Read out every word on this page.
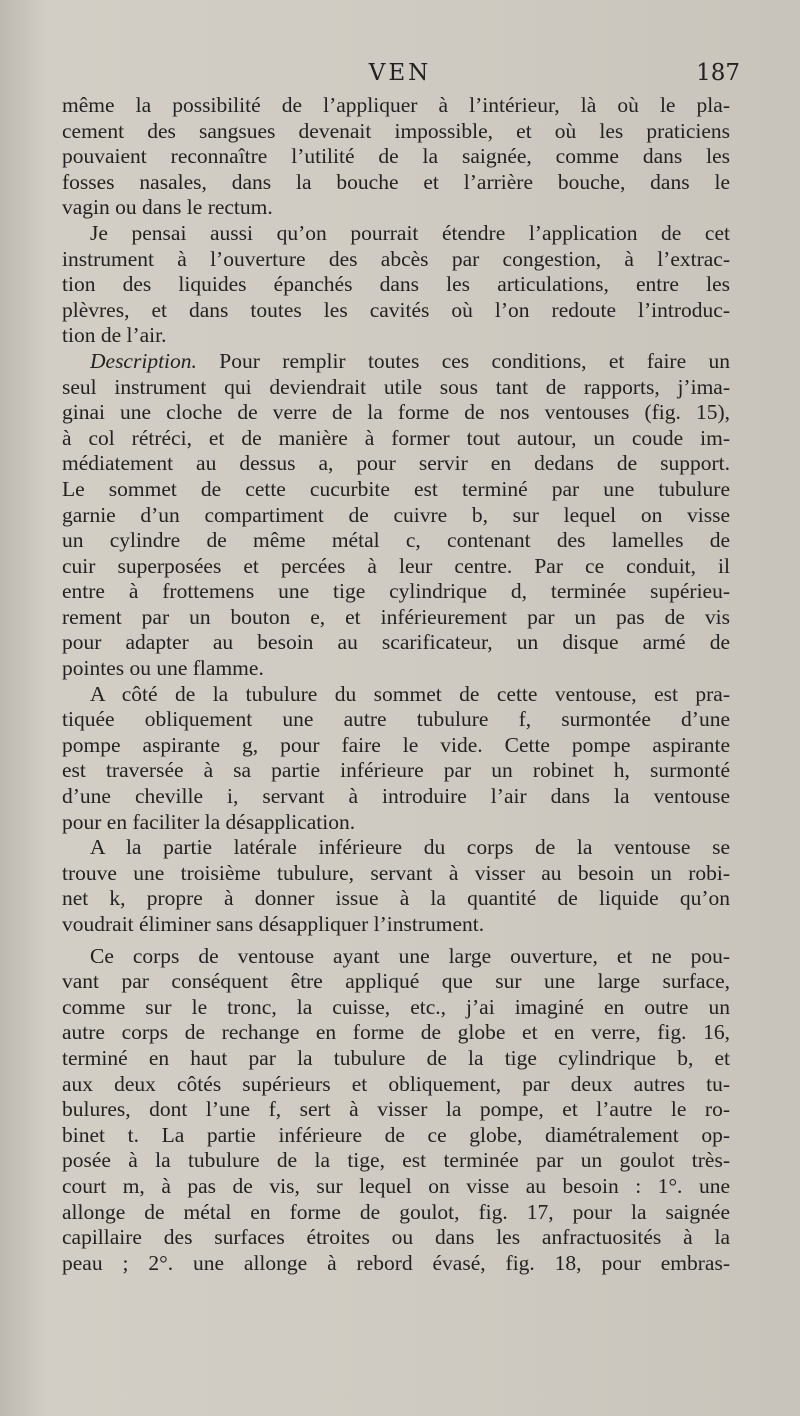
VEN	187
même la possibilité de l’appliquer à l’intérieur, là où le pla-
cement des sangsues devenait impossible, et où les praticiens
pouvaient reconnaître l’utilité de la saignée, comme dans les
fosses nasales, dans la bouche et l’arrière bouche, dans le
vagin ou dans le rectum.
Je pensai aussi qu’on pourrait étendre l’application de cet
instrument à l’ouverture des abcès par congestion, à l’extrac-
tion des liquides épanchés dans les articulations, entre les
plèvres, et dans toutes les cavités où l’on redoute l’introduc-
tion de l’air.
Description. Pour remplir toutes ces conditions, et faire un
seul instrument qui deviendrait utile sous tant de rapports, j’ima-
ginai une cloche de verre de la forme de nos ventouses (fig. 15),
à col rétréci, et de manière à former tout autour, un coude im-
médiatement au dessus a, pour servir en dedans de support.
Le sommet de cette cucurbite est terminé par une tubulure
garnie d’un compartiment de cuivre b, sur lequel on visse
un cylindre de même métal c, contenant des lamelles de
cuir superposées et percées à leur centre. Par ce conduit, il
entre à frottemens une tige cylindrique d, terminée supérieu-
rement par un bouton e, et inférieurement par un pas de vis
pour adapter au besoin au scarificateur, un disque armé de
pointes ou une flamme.
A côté de la tubulure du sommet de cette ventouse, est pra-
tiquée obliquement une autre tubulure f, surmontée d’une
pompe aspirante g, pour faire le vide. Cette pompe aspirante
est traversée à sa partie inférieure par un robinet h, surmonté
d’une cheville i, servant à introduire l’air dans la ventouse
pour en faciliter la désapplication.
A la partie latérale inférieure du corps de la ventouse se
trouve une troisième tubulure, servant à visser au besoin un robi-
net k, propre à donner issue à la quantité de liquide qu’on
voudrait éliminer sans désappliquer l’instrument.
Ce corps de ventouse ayant une large ouverture, et ne pou-
vant par conséquent être appliqué que sur une large surface,
comme sur le tronc, la cuisse, etc., j’ai imaginé en outre un
autre corps de rechange en forme de globe et en verre, fig. 16,
terminé en haut par la tubulure de la tige cylindrique b, et
aux deux côtés supérieurs et obliquement, par deux autres tu-
bulures, dont l’une f, sert à visser la pompe, et l’autre le ro-
binet t. La partie inférieure de ce globe, diamétralement op-
posée à la tubulure de la tige, est terminée par un goulot très-
court m, à pas de vis, sur lequel on visse au besoin : 1°. une
allonge de métal en forme de goulot, fig. 17, pour la saignée
capillaire des surfaces étroites ou dans les anfractuosités à la
peau ; 2°. une allonge à rebord évasé, fig. 18, pour embras-
